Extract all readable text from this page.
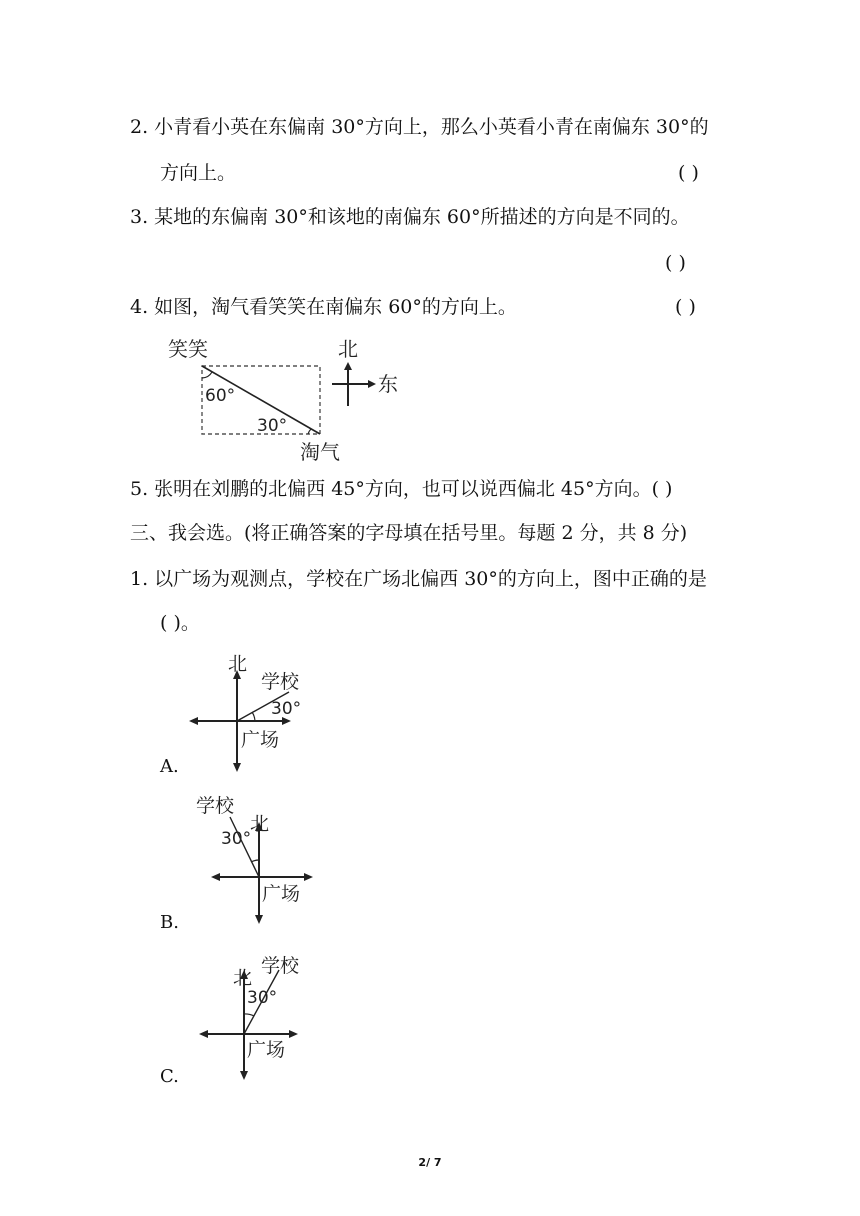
2. 小青看小英在东偏南 30°方向上，那么小英看小青在南偏东 30°的
方向上。	( )
3. 某地的东偏南 30°和该地的南偏东 60°所描述的方向是不同的。
( )
4. 如图，淘气看笑笑在南偏东 60°的方向上。	( )
笑笑
60°
30°
淘气
北
东
5. 张明在刘鹏的北偏西 45°方向，也可以说西偏北 45°方向。( )
三、我会选。(将正确答案的字母填在括号里。每题 2 分，共 8 分)
1. 以广场为观测点，学校在广场北偏西 30°的方向上，图中正确的是
( )。
北
学校
30°
广场
A.
学校
30°
北
广场
B.
北
学校
30°
广场
C.
2/ 7
